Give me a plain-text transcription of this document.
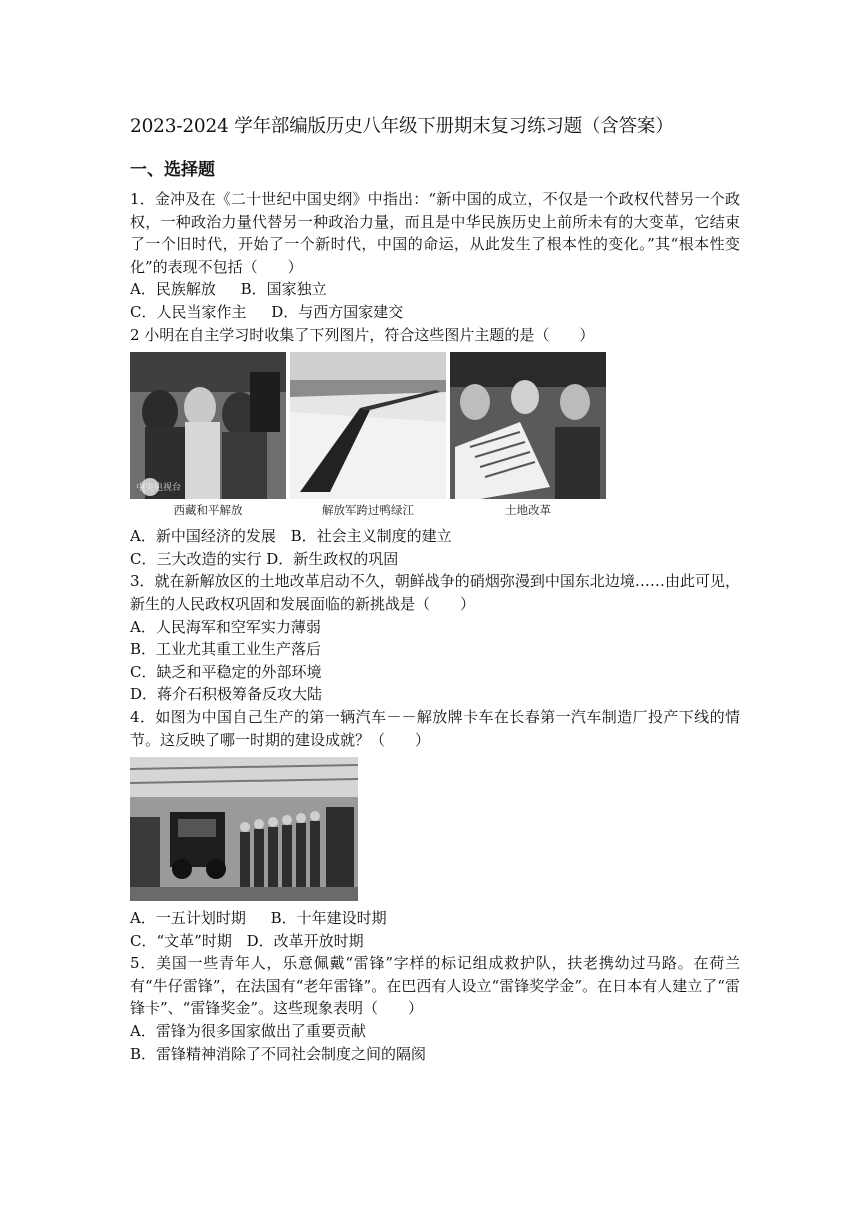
2023-2024 学年部编版历史八年级下册期末复习练习题（含答案）
一、选择题

1．金冲及在《二十世纪中国史纲》中指出：“新中国的成立，不仅是一个政权代替另一个政权，一种政治力量代替另一种政治力量，而且是中华民族历史上前所未有的大变革，它结束了一个旧时代，开始了一个新时代，中国的命运，从此发生了根本性的变化。”其“根本性变化”的表现不包括（　　）

A．民族解放 B．国家独立

C．人民当家作主 D．与西方国家建交

2 小明在自主学习时收集了下列图片，符合这些图片主题的是（　　）

中央电视台
西藏和平解放	解放军跨过鸭绿江	土地改革

A．新中国经济的发展 B．社会主义制度的建立

C．三大改造的实行 D．新生政权的巩固

3．就在新解放区的土地改革启动不久，朝鲜战争的硝烟弥漫到中国东北边境……由此可见，新生的人民政权巩固和发展面临的新挑战是（　　）

A．人民海军和空军实力薄弱

B．工业尤其重工业生产落后

C．缺乏和平稳定的外部环境

D．蒋介石积极筹备反攻大陆

4．如图为中国自己生产的第一辆汽车－－解放牌卡车在长春第一汽车制造厂投产下线的情节。这反映了哪一时期的建设成就？（　　）

A．一五计划时期 B．十年建设时期

C．“文革”时期 D．改革开放时期

5．美国一些青年人，乐意佩戴“雷锋”字样的标记组成救护队，扶老携幼过马路。在荷兰有“牛仔雷锋”，在法国有“老年雷锋”。在巴西有人设立“雷锋奖学金”。在日本有人建立了“雷锋卡”、“雷锋奖金”。这些现象表明（　　）

A．雷锋为很多国家做出了重要贡献

B．雷锋精神消除了不同社会制度之间的隔阂
